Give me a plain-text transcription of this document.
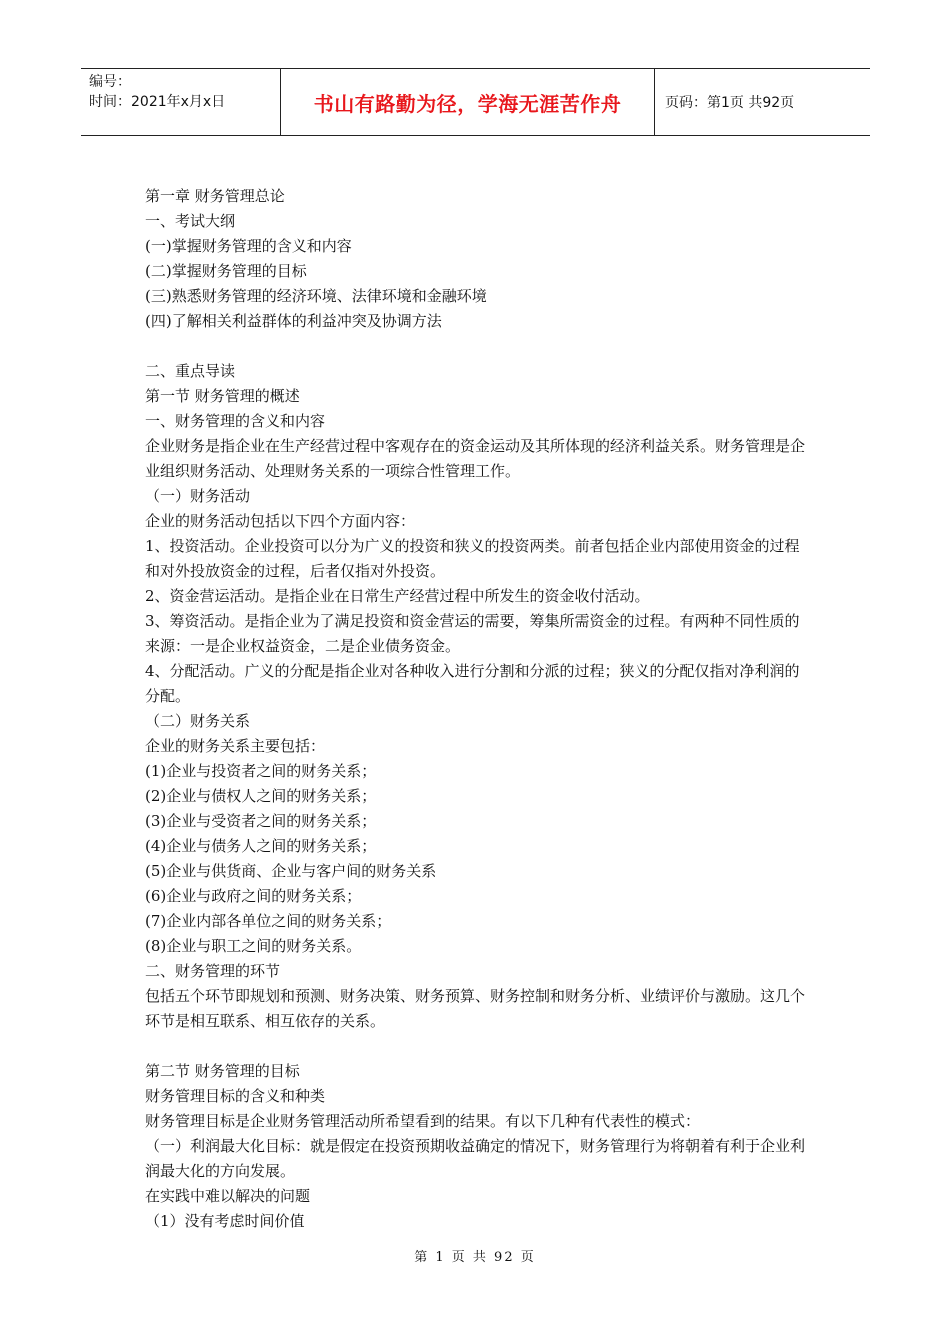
编号：
时间：2021年x月x日	书山有路勤为径，学海无涯苦作舟	页码：第1页 共92页

第一章 财务管理总论

一、考试大纲

(一)掌握财务管理的含义和内容

(二)掌握财务管理的目标

(三)熟悉财务管理的经济环境、法律环境和金融环境

(四)了解相关利益群体的利益冲突及协调方法

二、重点导读

第一节 财务管理的概述

一、财务管理的含义和内容

企业财务是指企业在生产经营过程中客观存在的资金运动及其所体现的经济利益关系。财务管理是企业组织财务活动、处理财务关系的一项综合性管理工作。

（一）财务活动

企业的财务活动包括以下四个方面内容：

1、投资活动。企业投资可以分为广义的投资和狭义的投资两类。前者包括企业内部使用资金的过程和对外投放资金的过程，后者仅指对外投资。

2、资金营运活动。是指企业在日常生产经营过程中所发生的资金收付活动。

3、筹资活动。是指企业为了满足投资和资金营运的需要，筹集所需资金的过程。有两种不同性质的来源：一是企业权益资金，二是企业债务资金。

4、分配活动。广义的分配是指企业对各种收入进行分割和分派的过程；狭义的分配仅指对净利润的分配。

（二）财务关系

企业的财务关系主要包括：

(1)企业与投资者之间的财务关系；

(2)企业与债权人之间的财务关系；

(3)企业与受资者之间的财务关系；

(4)企业与债务人之间的财务关系；

(5)企业与供货商、企业与客户间的财务关系

(6)企业与政府之间的财务关系；

(7)企业内部各单位之间的财务关系；

(8)企业与职工之间的财务关系。

二、财务管理的环节

包括五个环节即规划和预测、财务决策、财务预算、财务控制和财务分析、业绩评价与激励。这几个环节是相互联系、相互依存的关系。

第二节 财务管理的目标

财务管理目标的含义和种类

财务管理目标是企业财务管理活动所希望看到的结果。有以下几种有代表性的模式：

（一）利润最大化目标：就是假定在投资预期收益确定的情况下，财务管理行为将朝着有利于企业利润最大化的方向发展。

在实践中难以解决的问题

（1）没有考虑时间价值

第 1 页 共 92 页
